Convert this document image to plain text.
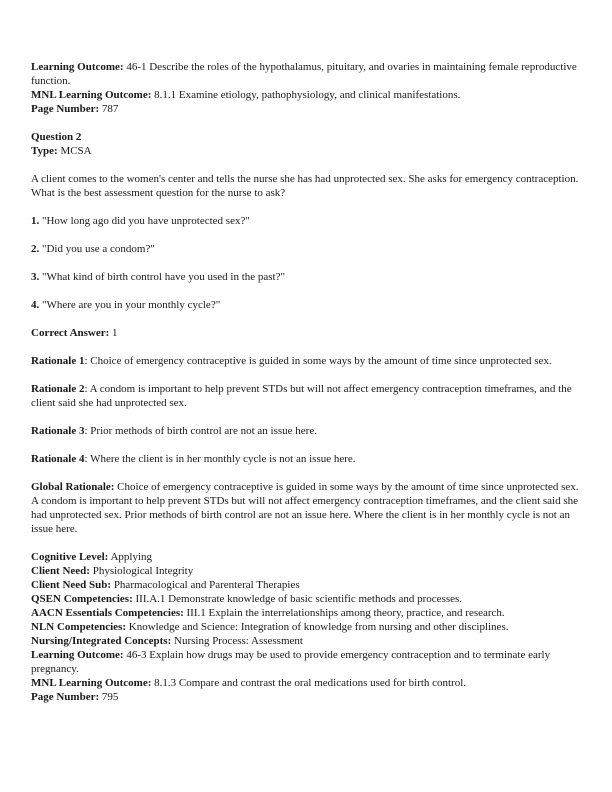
Learning Outcome: 46-1 Describe the roles of the hypothalamus, pituitary, and ovaries in maintaining female reproductive function.

MNL Learning Outcome: 8.1.1 Examine etiology, pathophysiology, and clinical manifestations.

Page Number: 787

Question 2

Type: MCSA

A client comes to the women's center and tells the nurse she has had unprotected sex. She asks for emergency contraception. What is the best assessment question for the nurse to ask?

1. "How long ago did you have unprotected sex?"

2. "Did you use a condom?"

3. "What kind of birth control have you used in the past?"

4. "Where are you in your monthly cycle?"

Correct Answer: 1

Rationale 1: Choice of emergency contraceptive is guided in some ways by the amount of time since unprotected sex.

Rationale 2: A condom is important to help prevent STDs but will not affect emergency contraception timeframes, and the client said she had unprotected sex.

Rationale 3: Prior methods of birth control are not an issue here.

Rationale 4: Where the client is in her monthly cycle is not an issue here.

Global Rationale: Choice of emergency contraceptive is guided in some ways by the amount of time since unprotected sex. A condom is important to help prevent STDs but will not affect emergency contraception timeframes, and the client said she had unprotected sex. Prior methods of birth control are not an issue here. Where the client is in her monthly cycle is not an issue here.

Cognitive Level: Applying

Client Need: Physiological Integrity

Client Need Sub: Pharmacological and Parenteral Therapies

QSEN Competencies: III.A.1 Demonstrate knowledge of basic scientific methods and processes.

AACN Essentials Competencies: III.1 Explain the interrelationships among theory, practice, and research.

NLN Competencies: Knowledge and Science: Integration of knowledge from nursing and other disciplines.

Nursing/Integrated Concepts: Nursing Process: Assessment

Learning Outcome: 46-3 Explain how drugs may be used to provide emergency contraception and to terminate early pregnancy.

MNL Learning Outcome: 8.1.3 Compare and contrast the oral medications used for birth control.

Page Number: 795
